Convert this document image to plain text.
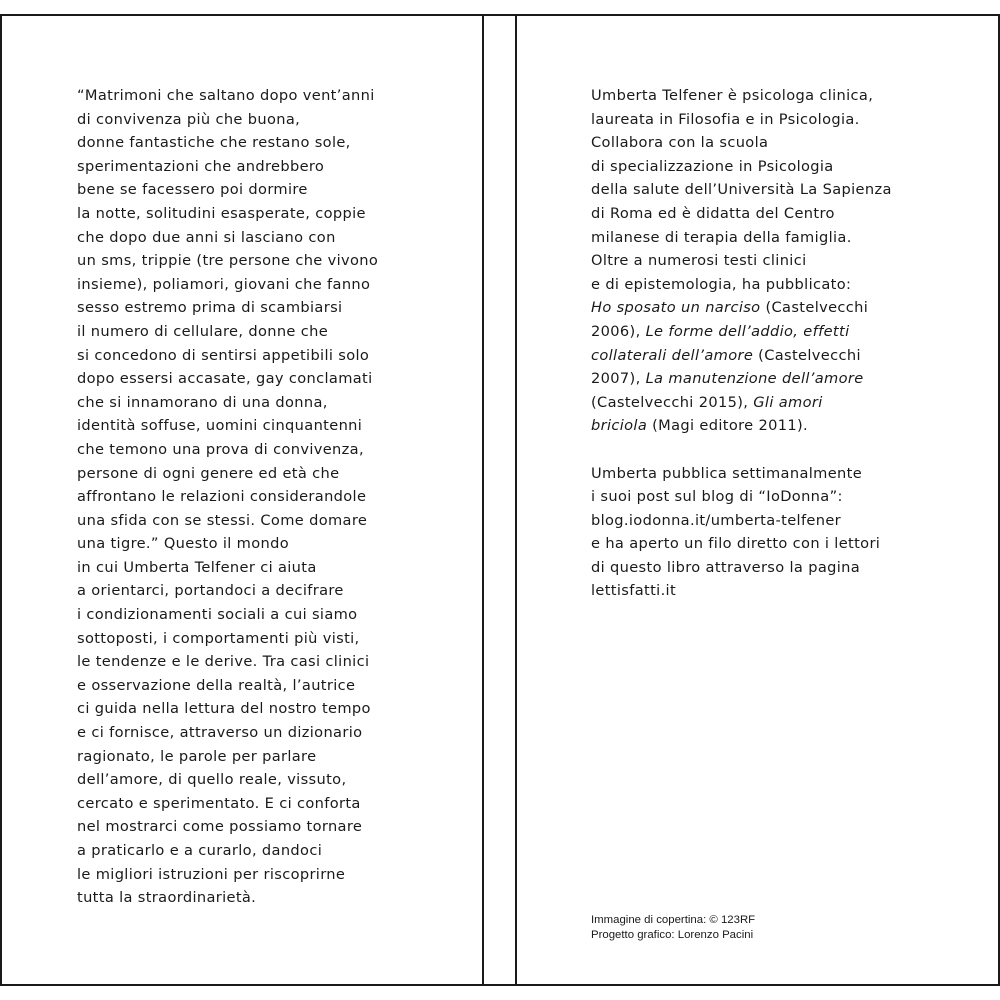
“Matrimoni che saltano dopo vent’anni
di convivenza più che buona,
donne fantastiche che restano sole,
sperimentazioni che andrebbero
bene se facessero poi dormire
la notte, solitudini esasperate, coppie
che dopo due anni si lasciano con
un sms, trippie (tre persone che vivono
insieme), poliamori, giovani che fanno
sesso estremo prima di scambiarsi
il numero di cellulare, donne che
si concedono di sentirsi appetibili solo
dopo essersi accasate, gay conclamati
che si innamorano di una donna,
identità soffuse, uomini cinquantenni
che temono una prova di convivenza,
persone di ogni genere ed età che
affrontano le relazioni considerandole
una sfida con se stessi. Come domare
una tigre.” Questo il mondo
in cui Umberta Telfener ci aiuta
a orientarci, portandoci a decifrare
i condizionamenti sociali a cui siamo
sottoposti, i comportamenti più visti,
le tendenze e le derive. Tra casi clinici
e osservazione della realtà, l’autrice
ci guida nella lettura del nostro tempo
e ci fornisce, attraverso un dizionario
ragionato, le parole per parlare
dell’amore, di quello reale, vissuto,
cercato e sperimentato. E ci conforta
nel mostrarci come possiamo tornare
a praticarlo e a curarlo, dandoci
le migliori istruzioni per riscoprirne
tutta la straordinarietà.
Umberta Telfener è psicologa clinica,
laureata in Filosofia e in Psicologia.
Collabora con la scuola
di specializzazione in Psicologia
della salute dell’Università La Sapienza
di Roma ed è didatta del Centro
milanese di terapia della famiglia.
Oltre a numerosi testi clinici
e di epistemologia, ha pubblicato:
Ho sposato un narciso (Castelvecchi
2006), Le forme dell’addio, effetti
collaterali dell’amore (Castelvecchi
2007), La manutenzione dell’amore
(Castelvecchi 2015), Gli amori
briciola (Magi editore 2011).
Umberta pubblica settimanalmente
i suoi post sul blog di “IoDonna”:
blog.iodonna.it/umberta-telfener
e ha aperto un filo diretto con i lettori
di questo libro attraverso la pagina
lettisfatti.it
Immagine di copertina: © 123RF
Progetto grafico: Lorenzo Pacini
